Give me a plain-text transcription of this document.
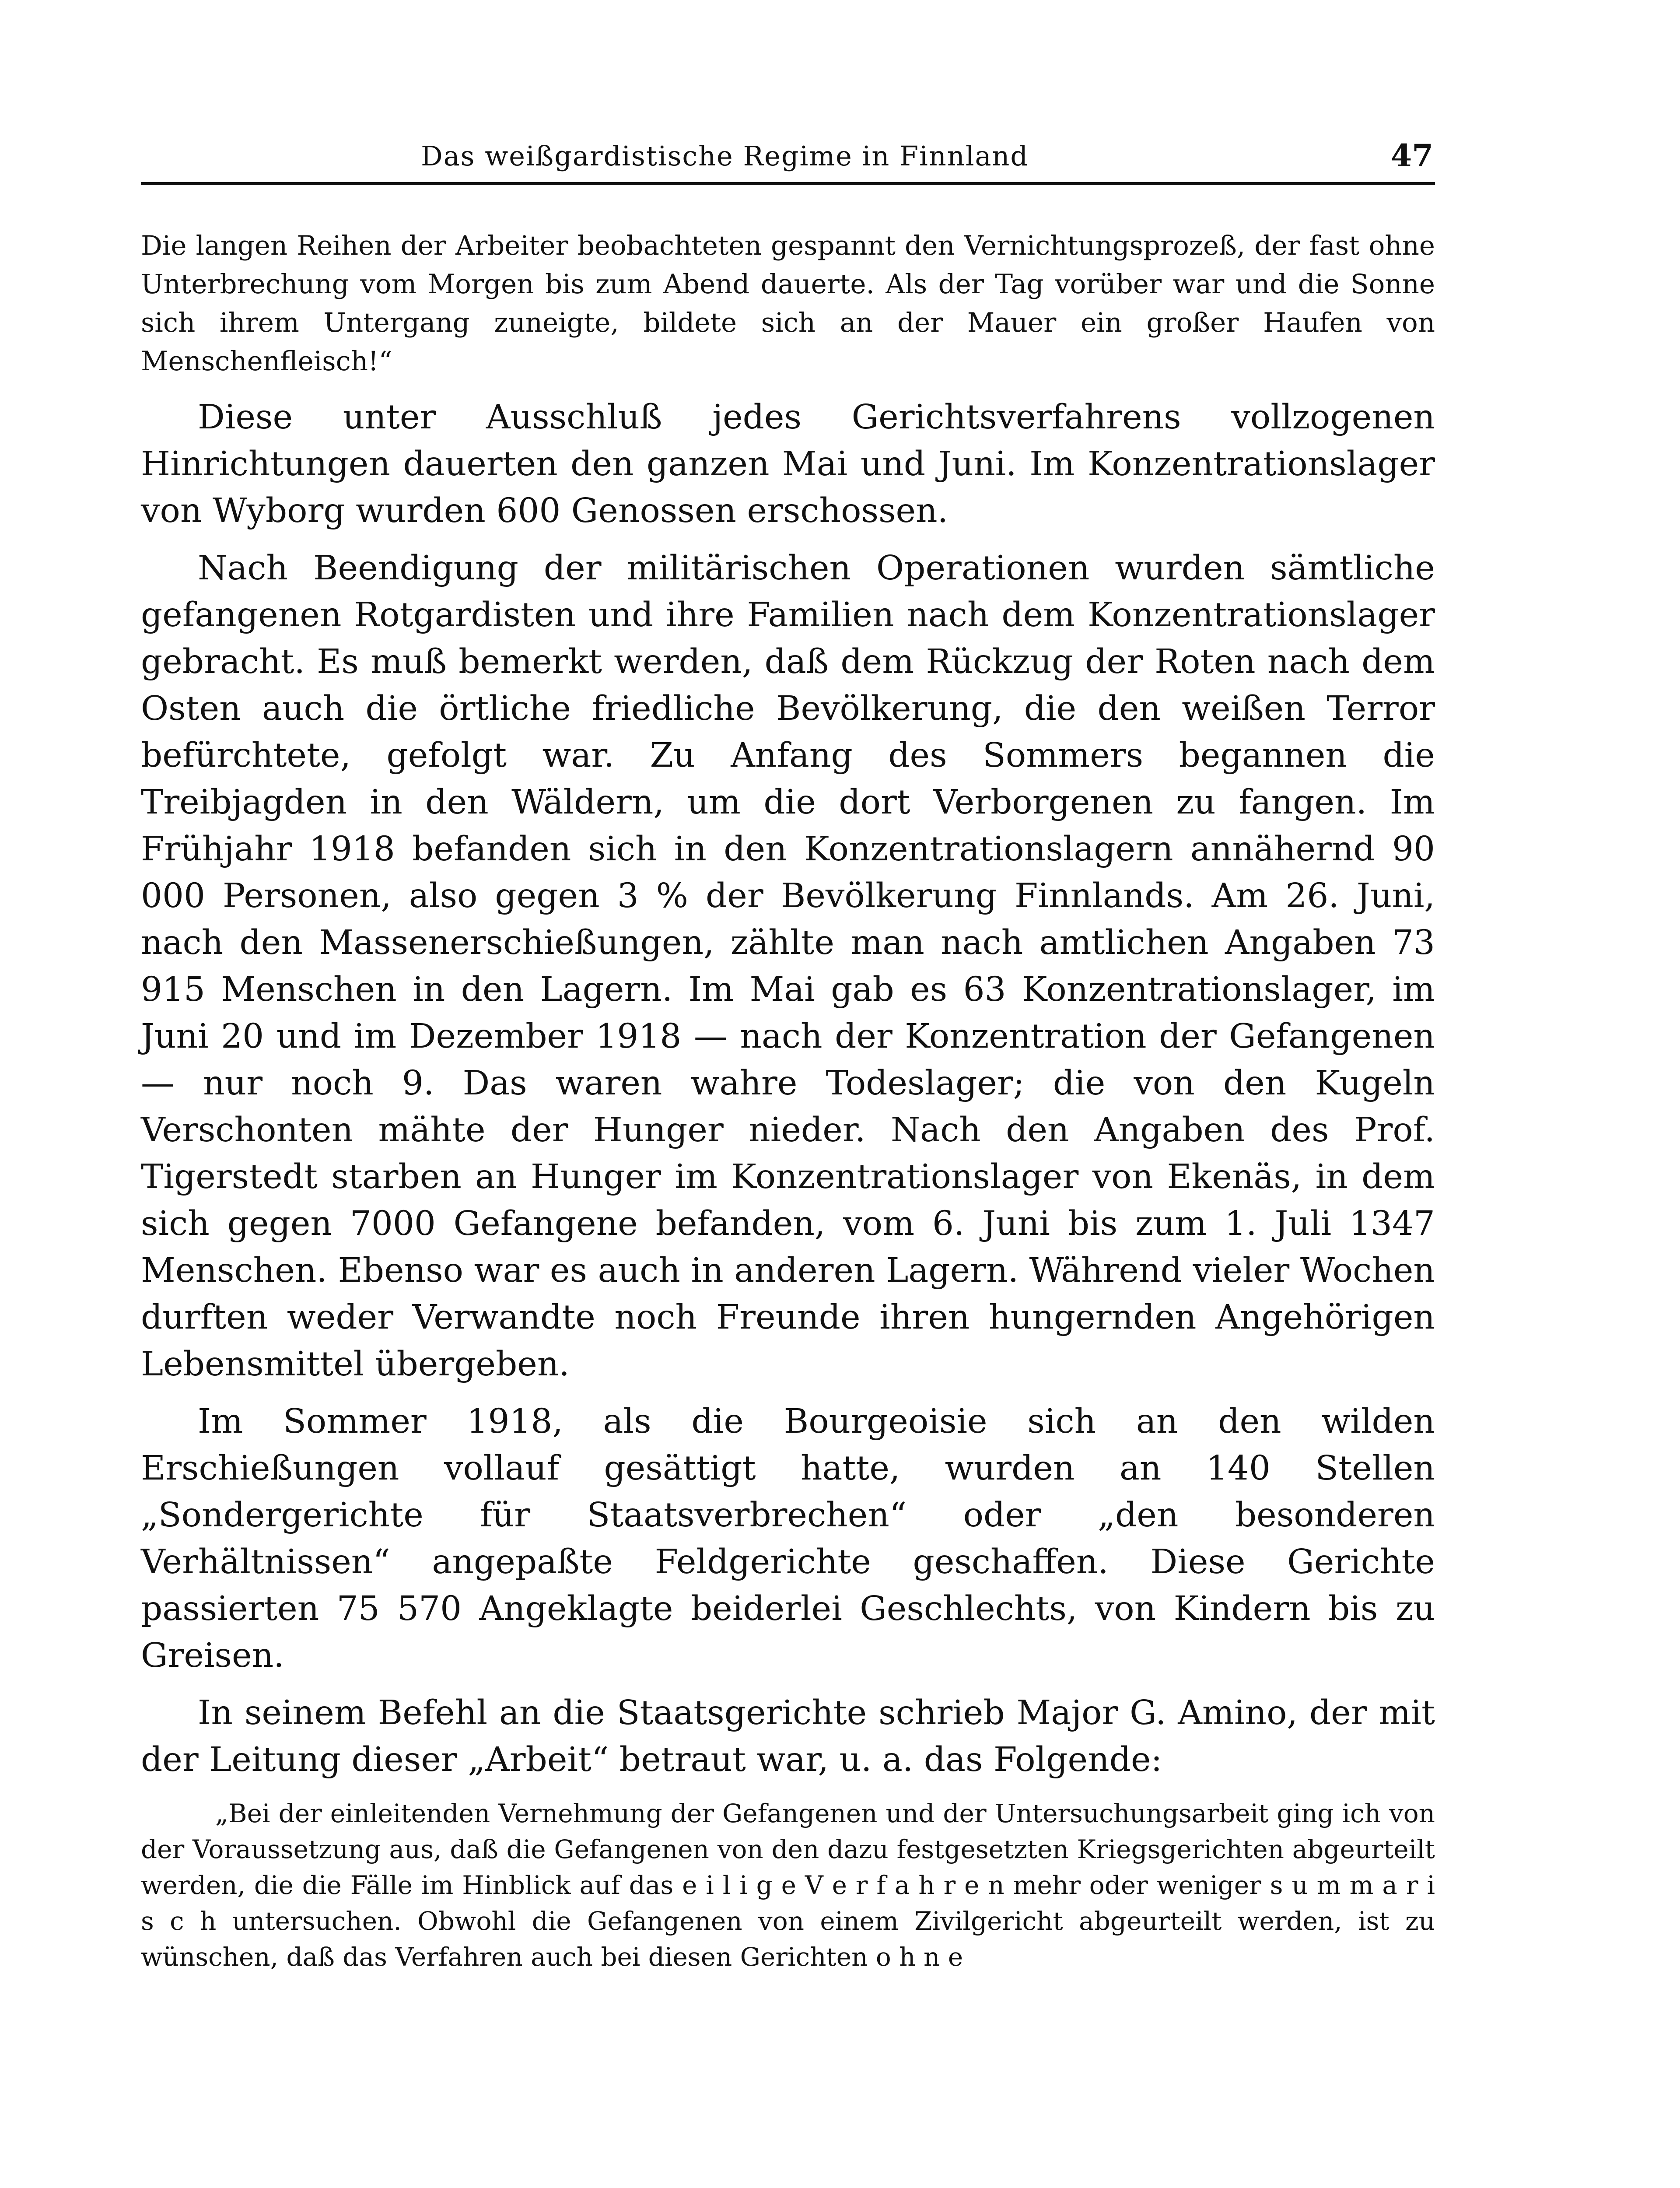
Das weißgardistische Regime in Finnland	47

Die langen Reihen der Arbeiter beobachteten gespannt den Vernichtungsprozeß, der fast ohne Unterbrechung vom Morgen bis zum Abend dauerte. Als der Tag vorüber war und die Sonne sich ihrem Untergang zuneigte, bildete sich an der Mauer ein großer Haufen von Menschenfleisch!“

Diese unter Ausschluß jedes Gerichtsverfahrens vollzogenen Hinrichtungen dauerten den ganzen Mai und Juni. Im Konzentrationslager von Wyborg wurden 600 Genossen erschossen.

Nach Beendigung der militärischen Operationen wurden sämtliche gefangenen Rotgardisten und ihre Familien nach dem Konzentrationslager gebracht. Es muß bemerkt werden, daß dem Rückzug der Roten nach dem Osten auch die örtliche friedliche Bevölkerung, die den weißen Terror befürchtete, gefolgt war. Zu Anfang des Sommers begannen die Treibjagden in den Wäldern, um die dort Verborgenen zu fangen. Im Frühjahr 1918 befanden sich in den Konzentrationslagern annähernd 90 000 Personen, also gegen 3 % der Bevölkerung Finnlands. Am 26. Juni, nach den Massenerschießungen, zählte man nach amtlichen Angaben 73 915 Menschen in den Lagern. Im Mai gab es 63 Konzentrationslager, im Juni 20 und im Dezember 1918 — nach der Konzentration der Gefangenen — nur noch 9. Das waren wahre Todeslager; die von den Kugeln Verschonten mähte der Hunger nieder. Nach den Angaben des Prof. Tigerstedt starben an Hunger im Konzentrationslager von Ekenäs, in dem sich gegen 7000 Gefangene befanden, vom 6. Juni bis zum 1. Juli 1347 Menschen. Ebenso war es auch in anderen Lagern. Während vieler Wochen durften weder Verwandte noch Freunde ihren hungernden Angehörigen Lebensmittel übergeben.

Im Sommer 1918, als die Bourgeoisie sich an den wilden Erschießungen vollauf gesättigt hatte, wurden an 140 Stellen „Sondergerichte für Staatsverbrechen“ oder „den besonderen Verhältnissen“ angepaßte Feldgerichte geschaffen. Diese Gerichte passierten 75 570 Angeklagte beiderlei Geschlechts, von Kindern bis zu Greisen.

In seinem Befehl an die Staatsgerichte schrieb Major G. Amino, der mit der Leitung dieser „Arbeit“ betraut war, u. a. das Folgende:

„Bei der einleitenden Vernehmung der Gefangenen und der Untersuchungsarbeit ging ich von der Voraussetzung aus, daß die Gefangenen von den dazu festgesetzten Kriegsgerichten abgeurteilt werden, die die Fälle im Hinblick auf das e i l i g e V e r f a h r e n mehr oder weniger s u m m a r i s c h untersuchen. Obwohl die Gefangenen von einem Zivilgericht abgeurteilt werden, ist zu wünschen, daß das Verfahren auch bei diesen Gerichten o h n e
